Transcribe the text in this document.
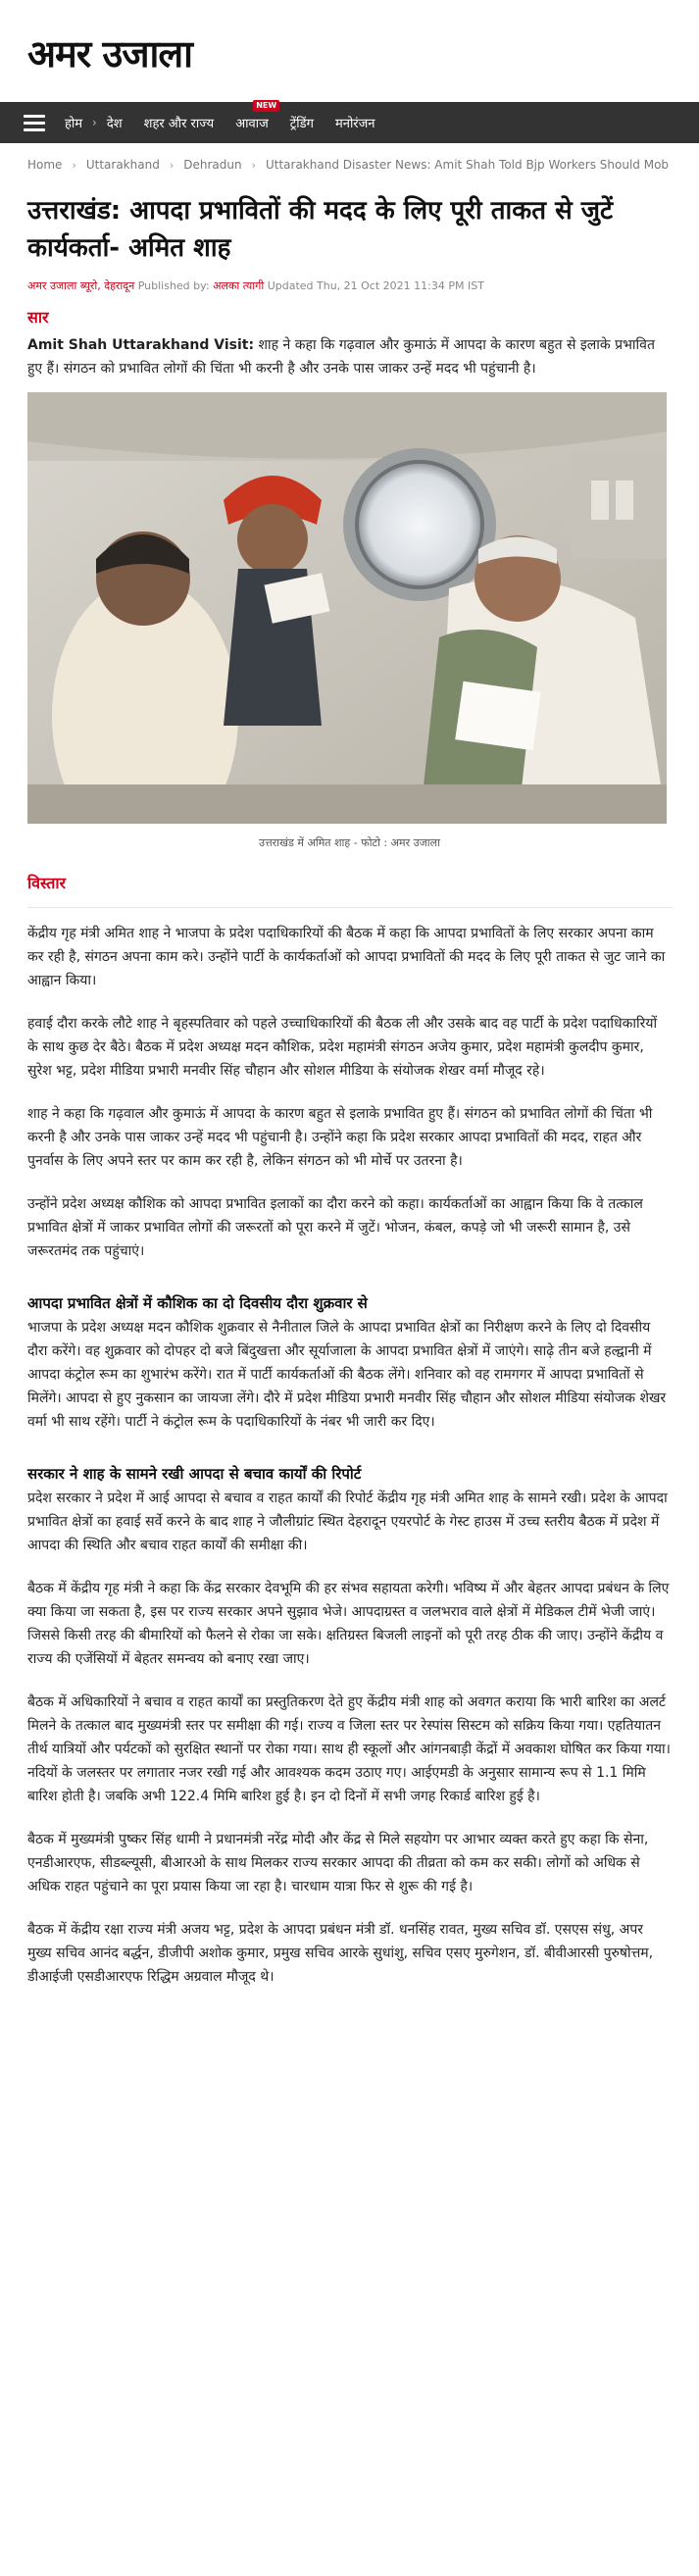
अमर उजाला
होम › देश शहर और राज्य
NEW
आवाज ट्रेंडिंग मनोरंजन
Home › Uttarakhand › Dehradun › Uttarakhand Disaster News: Amit Shah Told Bjp Workers Should Mob
उत्तराखंड: आपदा प्रभावितों की मदद के लिए पूरी ताकत से जुटें कार्यकर्ता- अमित शाह
अमर उजाला ब्यूरो, देहरादून Published by: अलका त्यागी Updated Thu, 21 Oct 2021 11:34 PM IST
सार

Amit Shah Uttarakhand Visit: शाह ने कहा कि गढ़वाल और कुमाऊं में आपदा के कारण बहुत से इलाके प्रभावित हुए हैं। संगठन को प्रभावित लोगों की चिंता भी करनी है और उनके पास जाकर उन्हें मदद भी पहुंचानी है।

उत्तराखंड में अमित शाह - फोटो : अमर उजाला
विस्तार

केंद्रीय गृह मंत्री अमित शाह ने भाजपा के प्रदेश पदाधिकारियों की बैठक में कहा कि आपदा प्रभावितों के लिए सरकार अपना काम कर रही है, संगठन अपना काम करे। उन्होंने पार्टी के कार्यकर्ताओं को आपदा प्रभावितों की मदद के लिए पूरी ताकत से जुट जाने का आह्वान किया।

हवाई दौरा करके लौटे शाह ने बृहस्पतिवार को पहले उच्चाधिकारियों की बैठक ली और उसके बाद वह पार्टी के प्रदेश पदाधिकारियों के साथ कुछ देर बैठे। बैठक में प्रदेश अध्यक्ष मदन कौशिक, प्रदेश महामंत्री संगठन अजेय कुमार, प्रदेश महामंत्री कुलदीप कुमार, सुरेश भट्ट, प्रदेश मीडिया प्रभारी मनवीर सिंह चौहान और सोशल मीडिया के संयोजक शेखर वर्मा मौजूद रहे।

शाह ने कहा कि गढ़वाल और कुमाऊं में आपदा के कारण बहुत से इलाके प्रभावित हुए हैं। संगठन को प्रभावित लोगों की चिंता भी करनी है और उनके पास जाकर उन्हें मदद भी पहुंचानी है। उन्होंने कहा कि प्रदेश सरकार आपदा प्रभावितों की मदद, राहत और पुनर्वास के लिए अपने स्तर पर काम कर रही है, लेकिन संगठन को भी मोर्चे पर उतरना है।

उन्होंने प्रदेश अध्यक्ष कौशिक को आपदा प्रभावित इलाकों का दौरा करने को कहा। कार्यकर्ताओं का आह्वान किया कि वे तत्काल प्रभावित क्षेत्रों में जाकर प्रभावित लोगों की जरूरतों को पूरा करने में जुटें। भोजन, कंबल, कपड़े जो भी जरूरी सामान है, उसे जरूरतमंद तक पहुंचाएं।

आपदा प्रभावित क्षेत्रों में कौशिक का दो दिवसीय दौरा शुक्रवार से

भाजपा के प्रदेश अध्यक्ष मदन कौशिक शुक्रवार से नैनीताल जिले के आपदा प्रभावित क्षेत्रों का निरीक्षण करने के लिए दो दिवसीय दौरा करेंगे। वह शुक्रवार को दोपहर दो बजे बिंदुखत्ता और सूर्याजाला के आपदा प्रभावित क्षेत्रों में जाएंगे। साढ़े तीन बजे हल्द्वानी में आपदा कंट्रोल रूम का शुभारंभ करेंगे। रात में पार्टी कार्यकर्ताओं की बैठक लेंगे। शनिवार को वह रामगगर में आपदा प्रभावितों से मिलेंगे। आपदा से हुए नुकसान का जायजा लेंगे। दौरे में प्रदेश मीडिया प्रभारी मनवीर सिंह चौहान और सोशल मीडिया संयोजक शेखर वर्मा भी साथ रहेंगे। पार्टी ने कंट्रोल रूम के पदाधिकारियों के नंबर भी जारी कर दिए।

सरकार ने शाह के सामने रखी आपदा से बचाव कार्यों की रिपोर्ट

प्रदेश सरकार ने प्रदेश में आई आपदा से बचाव व राहत कार्यों की रिपोर्ट केंद्रीय गृह मंत्री अमित शाह के सामने रखी। प्रदेश के आपदा प्रभावित क्षेत्रों का हवाई सर्वे करने के बाद शाह ने जौलीग्रांट स्थित देहरादून एयरपोर्ट के गेस्ट हाउस में उच्च स्तरीय बैठक में प्रदेश में आपदा की स्थिति और बचाव राहत कार्यों की समीक्षा की।

बैठक में केंद्रीय गृह मंत्री ने कहा कि केंद्र सरकार देवभूमि की हर संभव सहायता करेगी। भविष्य में और बेहतर आपदा प्रबंधन के लिए क्या किया जा सकता है, इस पर राज्य सरकार अपने सुझाव भेजे। आपदाग्रस्त व जलभराव वाले क्षेत्रों में मेडिकल टीमें भेजी जाएं। जिससे किसी तरह की बीमारियों को फैलने से रोका जा सके। क्षतिग्रस्त बिजली लाइनों को पूरी तरह ठीक की जाए। उन्होंने केंद्रीय व राज्य की एजेंसियों में बेहतर समन्वय को बनाए रखा जाए।

बैठक में अधिकारियों ने बचाव व राहत कार्यों का प्रस्तुतिकरण देते हुए केंद्रीय मंत्री शाह को अवगत कराया कि भारी बारिश का अलर्ट मिलने के तत्काल बाद मुख्यमंत्री स्तर पर समीक्षा की गई। राज्य व जिला स्तर पर रेस्पांस सिस्टम को सक्रिय किया गया। एहतियातन तीर्थ यात्रियों और पर्यटकों को सुरक्षित स्थानों पर रोका गया। साथ ही स्कूलों और आंगनबाड़ी केंद्रों में अवकाश घोषित कर किया गया। नदियों के जलस्तर पर लगातार नजर रखी गई और आवश्यक कदम उठाए गए। आईएमडी के अनुसार सामान्य रूप से 1.1 मिमि बारिश होती है। जबकि अभी 122.4 मिमि बारिश हुई है। इन दो दिनों में सभी जगह रिकार्ड बारिश हुई है।

बैठक में मुख्यमंत्री पुष्कर सिंह धामी ने प्रधानमंत्री नरेंद्र मोदी और केंद्र से मिले सहयोग पर आभार व्यक्त करते हुए कहा कि सेना, एनडीआरएफ, सीडब्ल्यूसी, बीआरओ के साथ मिलकर राज्य सरकार आपदा की तीव्रता को कम कर सकी। लोगों को अधिक से अधिक राहत पहुंचाने का पूरा प्रयास किया जा रहा है। चारधाम यात्रा फिर से शुरू की गई है।

बैठक में केंद्रीय रक्षा राज्य मंत्री अजय भट्ट, प्रदेश के आपदा प्रबंधन मंत्री डॉ. धनसिंह रावत, मुख्य सचिव डॉ. एसएस संधु, अपर मुख्य सचिव आनंद बर्द्धन, डीजीपी अशोक कुमार, प्रमुख सचिव आरके सुधांशु, सचिव एसए मुरुगेशन, डॉ. बीवीआरसी पुरुषोत्तम, डीआईजी एसडीआरएफ रिद्धिम अग्रवाल मौजूद थे।
